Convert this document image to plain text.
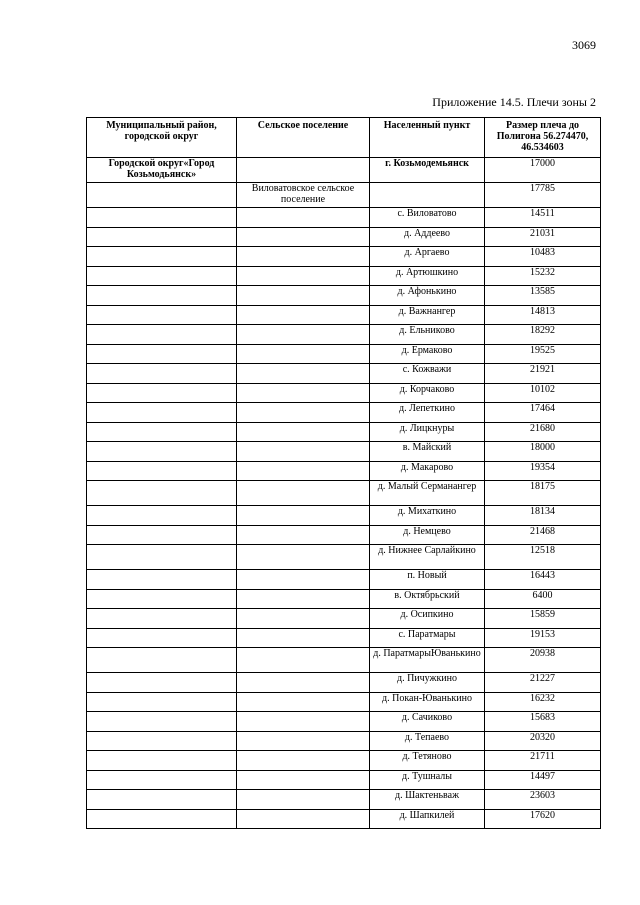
3069
Приложение 14.5. Плечи зоны 2
Муниципальный район, городской округ	Сельское поселение	Населенный пункт	Размер плеча до Полигона 56.274470, 46.534603
Городской округ«Город Козьмодьянск»		г. Козьмодемьянск	17000
	Виловатовское сельское поселение		17785
		с. Виловатово	14511
		д. Аддеево	21031
		д. Аргаево	10483
		д. Артюшкино	15232
		д. Афонькино	13585
		д. Важнангер	14813
		д. Ельниково	18292
		д. Ермаково	19525
		с. Кожважи	21921
		д. Корчаково	10102
		д. Лепеткино	17464
		д. Лицкнуры	21680
		в. Майский	18000
		д. Макарово	19354
		д. Малый Серманангер	18175
		д. Михаткино	18134
		д. Немцево	21468
		д. Нижнее Сарлайкино	12518
		п. Новый	16443
		в. Октябрьский	6400
		д. Осипкино	15859
		с. Паратмары	19153
		д. ПаратмарыЮванькино	20938
		д. Пичужкино	21227
		д. Покан-Юванькино	16232
		д. Сачиково	15683
		д. Тепаево	20320
		д. Тетяново	21711
		д. Тушналы	14497
		д. Шактеньваж	23603
		д. Шапкилей	17620
